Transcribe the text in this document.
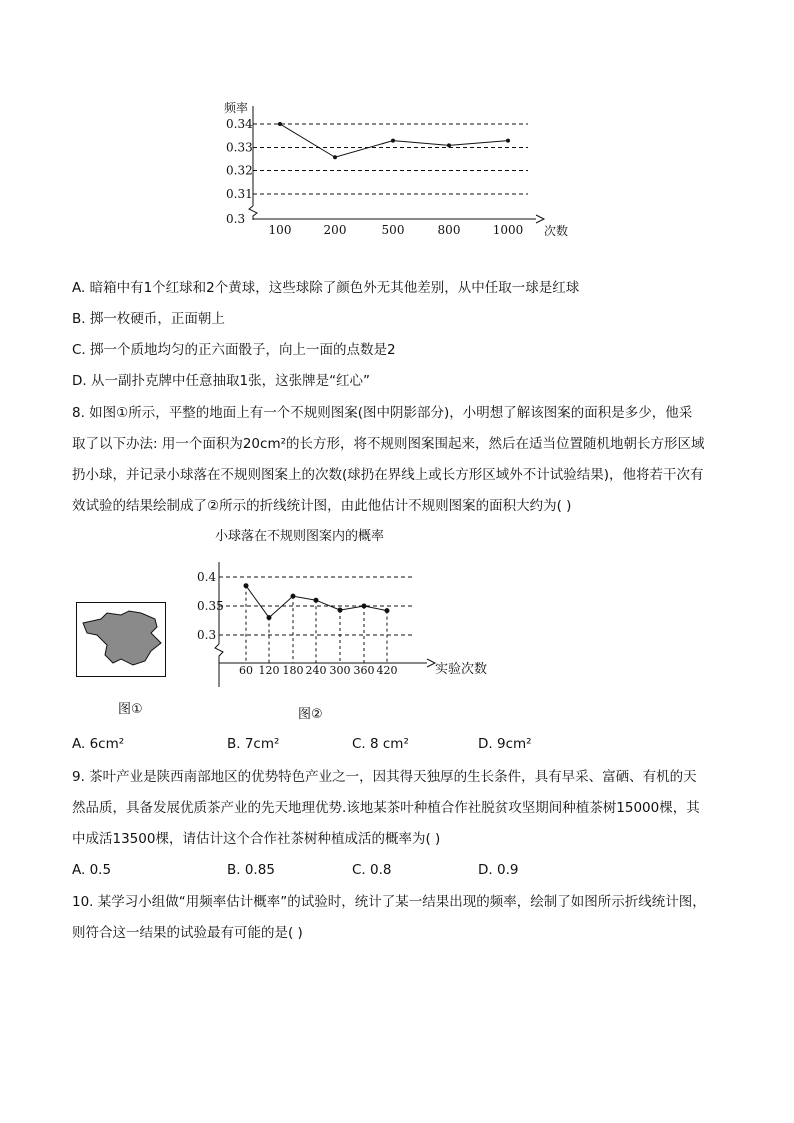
频率
次数
0.34
0.33
0.32
0.31
0.3
100	200	500	800	1000
A. 暗箱中有1个红球和2个黄球，这些球除了颜色外无其他差别，从中任取一球是红球
B. 掷一枚硬币，正面朝上
C. 掷一个质地均匀的正六面骰子，向上一面的点数是2
D. 从一副扑克牌中任意抽取1张，这张牌是“红心”
8. 如图①所示，平整的地面上有一个不规则图案(图中阴影部分)，小明想了解该图案的面积是多少，他采
取了以下办法: 用一个面积为20cm²的长方形，将不规则图案围起来，然后在适当位置随机地朝长方形区域
扔小球，并记录小球落在不规则图案上的次数(球扔在界线上或长方形区域外不计试验结果)，他将若干次有
效试验的结果绘制成了②所示的折线统计图，由此他估计不规则图案的面积大约为( )
图①
小球落在不规则图案内的概率
实验次数
0.4
0.35
0.3
60 120 180 240 300 360 420
图②
A. 6cm²	B. 7cm²	C. 8 cm²	D. 9cm²
9. 茶叶产业是陕西南部地区的优势特色产业之一，因其得天独厚的生长条件，具有早采、富硒、有机的天
然品质，具备发展优质茶产业的先天地理优势.该地某茶叶种植合作社脱贫攻坚期间种植茶树15000棵，其
中成活13500棵，请估计这个合作社茶树种植成活的概率为( )
A. 0.5	B. 0.85	C. 0.8	D. 0.9
10. 某学习小组做“用频率估计概率”的试验时，统计了某一结果出现的频率，绘制了如图所示折线统计图，
则符合这一结果的试验最有可能的是( )
